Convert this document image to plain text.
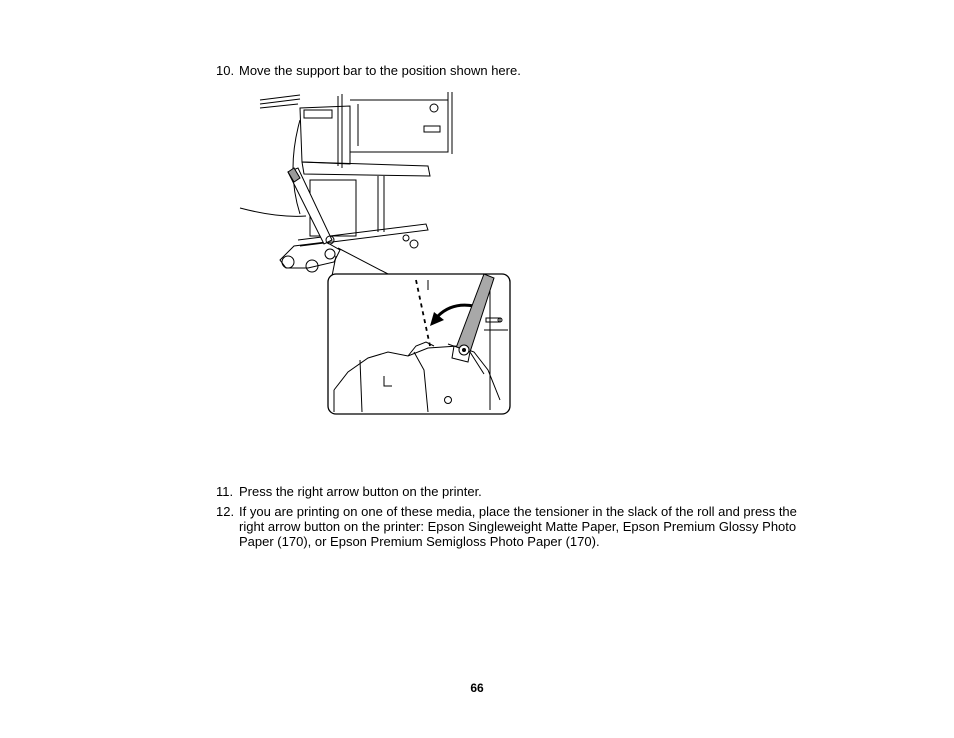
10. Move the support bar to the position shown here.
11. Press the right arrow button on the printer.
12. If you are printing on one of these media, place the tensioner in the slack of the roll and press the right arrow button on the printer: Epson Singleweight Matte Paper, Epson Premium Glossy Photo Paper (170), or Epson Premium Semigloss Photo Paper (170).
66
